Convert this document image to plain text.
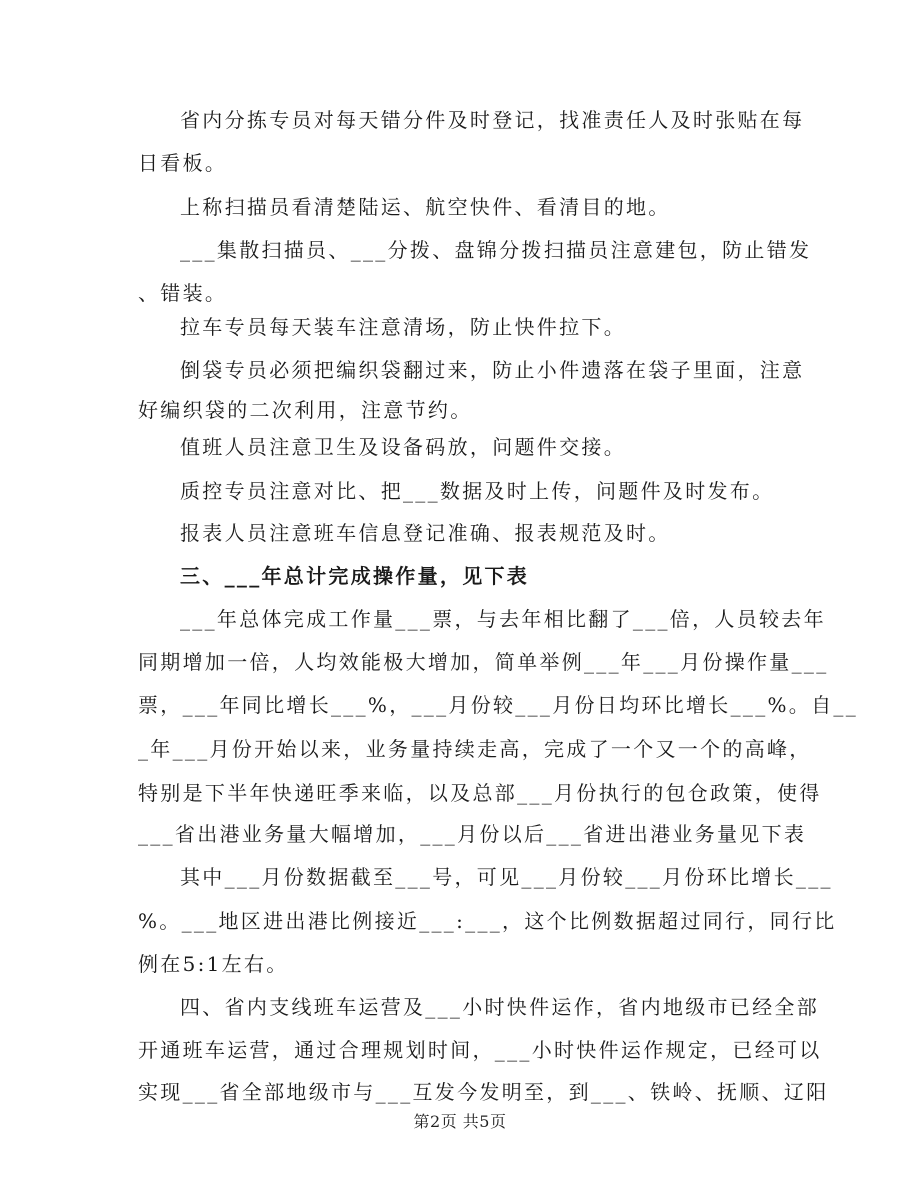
省内分拣专员对每天错分件及时登记，找准责任人及时张贴在每
日看板。
上称扫描员看清楚陆运、航空快件、看清目的地。
___集散扫描员、___分拨、盘锦分拨扫描员注意建包，防止错发
、错装。
拉车专员每天装车注意清场，防止快件拉下。
倒袋专员必须把编织袋翻过来，防止小件遗落在袋子里面，注意
好编织袋的二次利用，注意节约。
值班人员注意卫生及设备码放，问题件交接。
质控专员注意对比、把___数据及时上传，问题件及时发布。
报表人员注意班车信息登记准确、报表规范及时。
三、___年总计完成操作量，见下表
___年总体完成工作量___票，与去年相比翻了___倍，人员较去年
同期增加一倍，人均效能极大增加，简单举例___年___月份操作量___
票，___年同比增长___%，___月份较___月份日均环比增长___%。自__
_年___月份开始以来，业务量持续走高，完成了一个又一个的高峰，
特别是下半年快递旺季来临，以及总部___月份执行的包仓政策，使得
___省出港业务量大幅增加，___月份以后___省进出港业务量见下表
其中___月份数据截至___号，可见___月份较___月份环比增长___
%。___地区进出港比例接近___:___，这个比例数据超过同行，同行比
例在5:1左右。
四、省内支线班车运营及___小时快件运作，省内地级市已经全部
开通班车运营，通过合理规划时间，___小时快件运作规定，已经可以
实现___省全部地级市与___互发今发明至，到___、铁岭、抚顺、辽阳
第2页 共5页
